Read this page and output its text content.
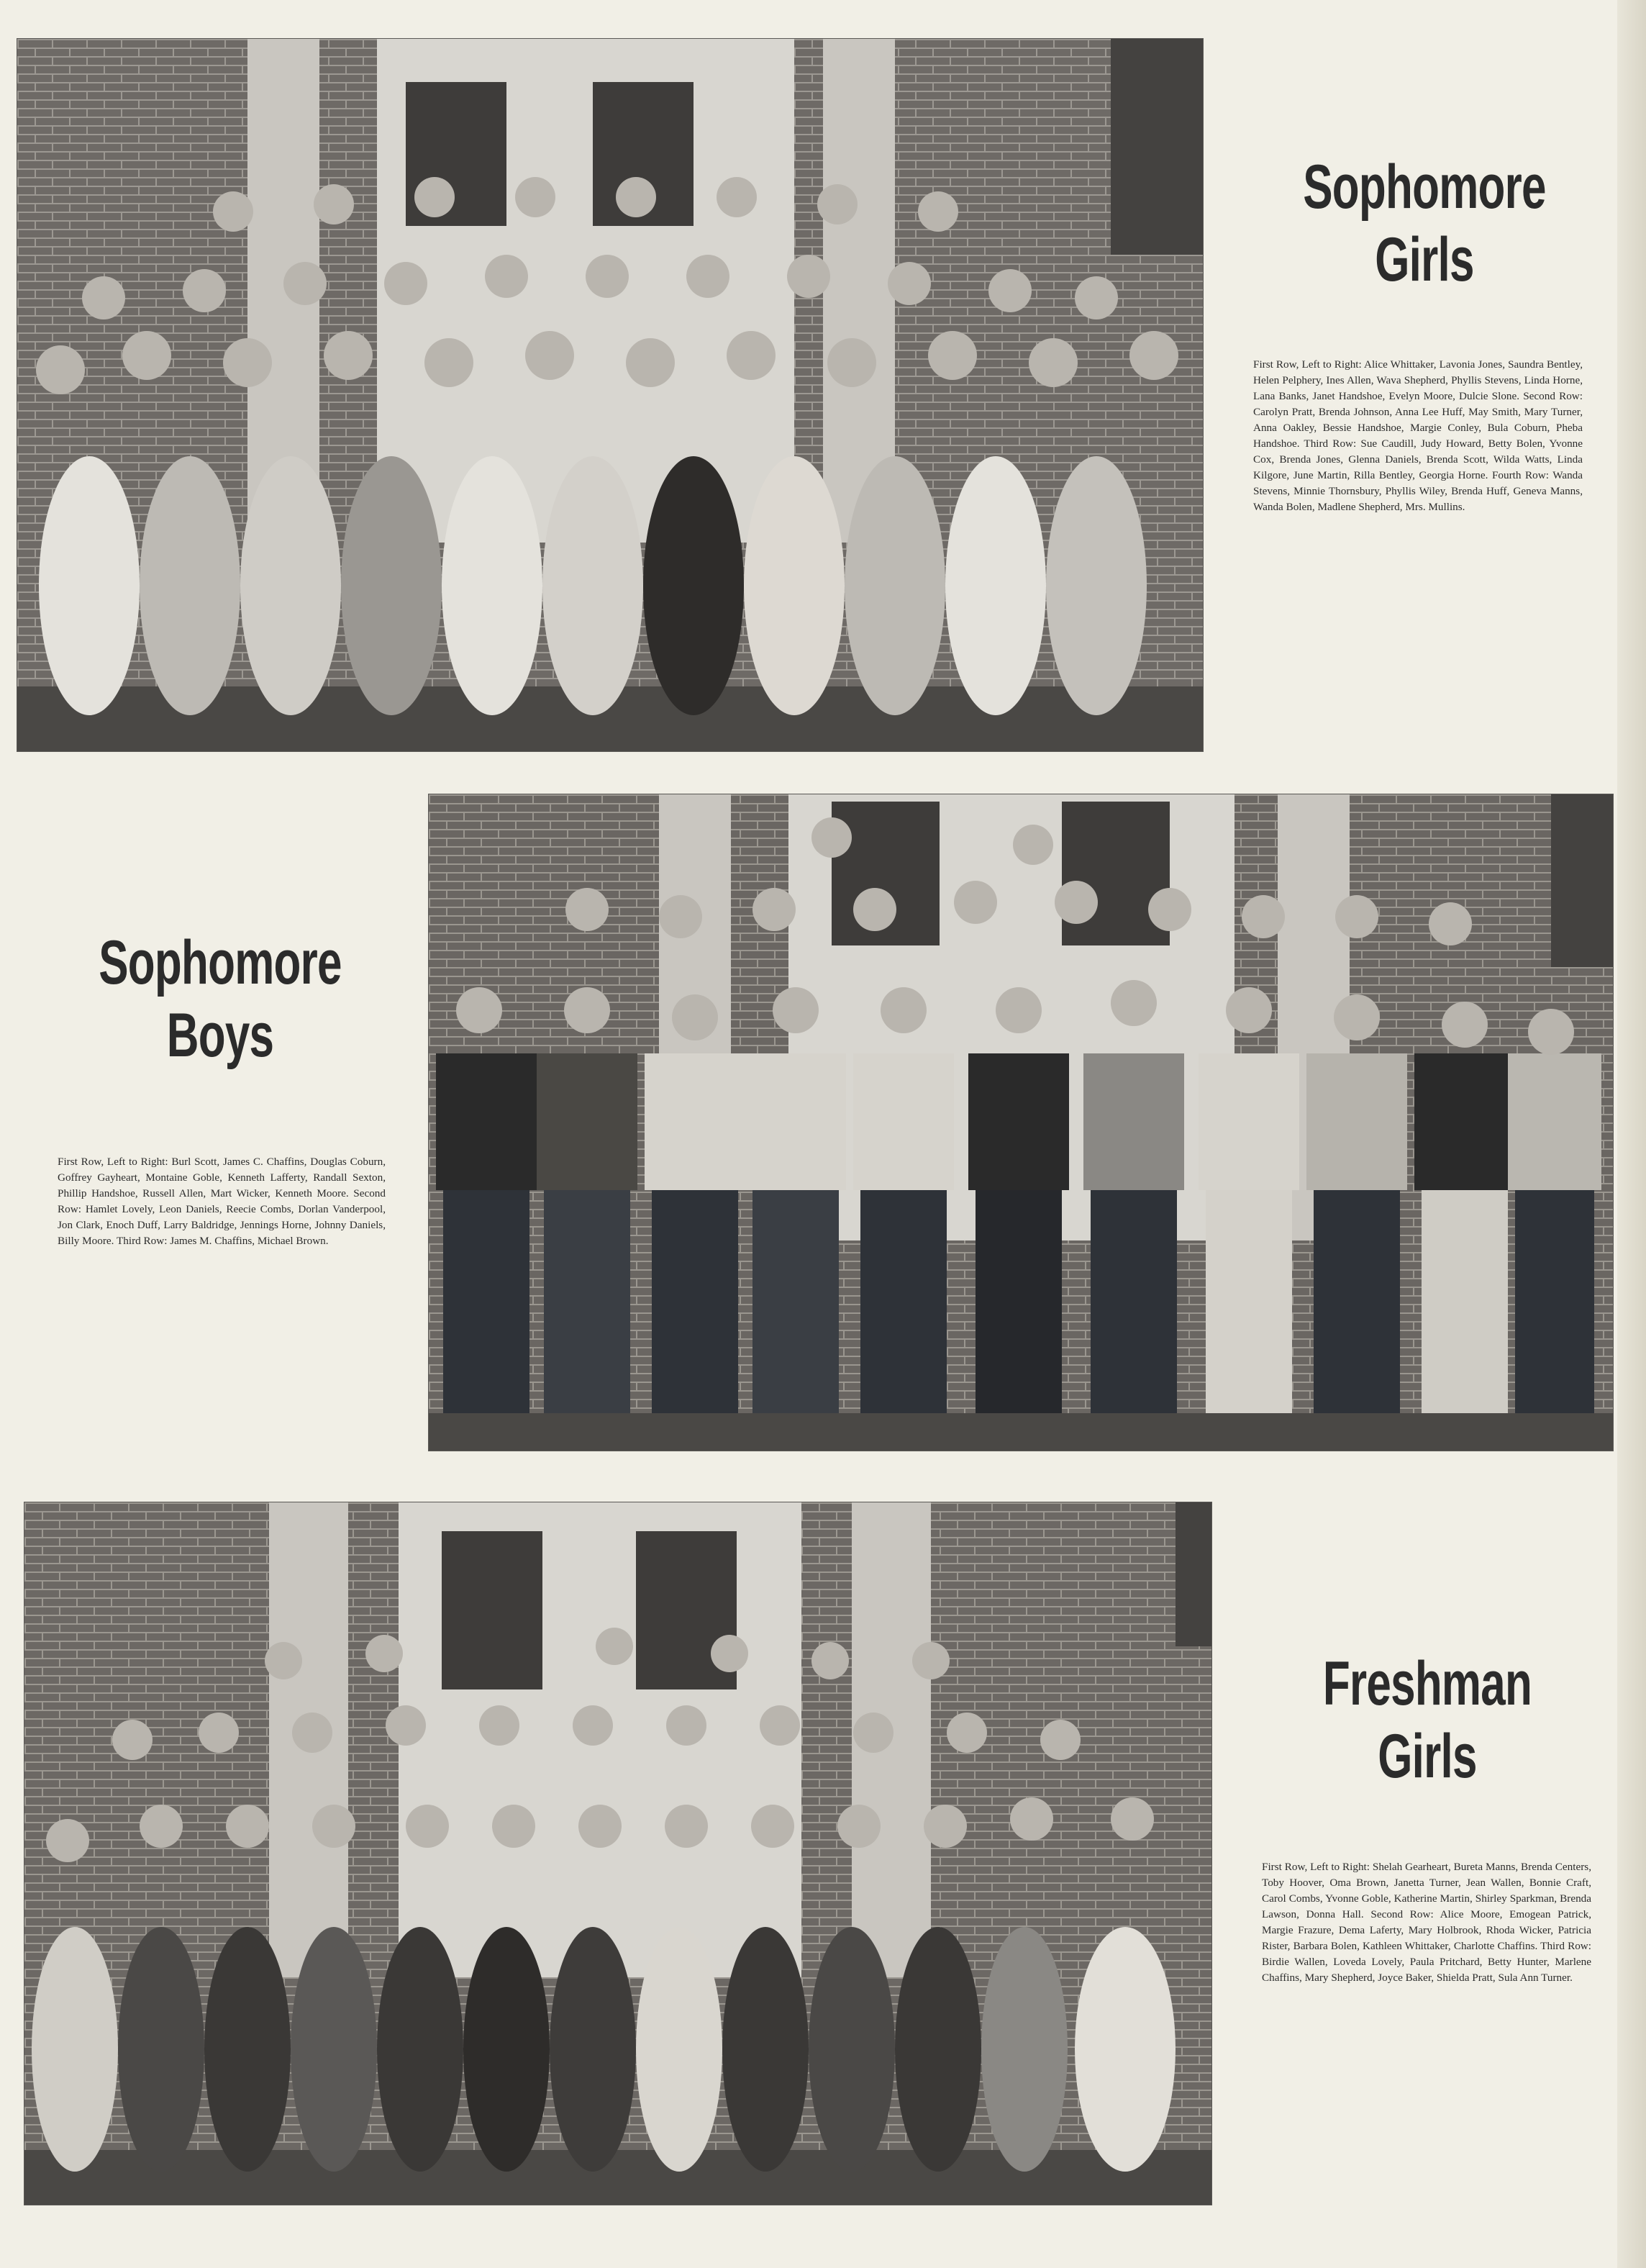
Sophomore
Girls
First Row, Left to Right: Alice Whittaker, Lavonia Jones, Saundra Bentley, Helen Pelphery, Ines Allen, Wava Shepherd, Phyllis Stevens, Linda Horne, Lana Banks, Janet Handshoe, Evelyn Moore, Dulcie Slone. Second Row: Carolyn Pratt, Brenda Johnson, Anna Lee Huff, May Smith, Mary Turner, Anna Oakley, Bessie Handshoe, Margie Conley, Bula Coburn, Pheba Handshoe. Third Row: Sue Caudill, Judy Howard, Betty Bolen, Yvonne Cox, Brenda Jones, Glenna Daniels, Brenda Scott, Wilda Watts, Linda Kilgore, June Martin, Rilla Bentley, Georgia Horne. Fourth Row: Wanda Stevens, Minnie Thornsbury, Phyllis Wiley, Brenda Huff, Geneva Manns, Wanda Bolen, Madlene Shepherd, Mrs. Mullins.
Sophomore
Boys
First Row, Left to Right: Burl Scott, James C. Chaffins, Douglas Coburn, Goffrey Gayheart, Montaine Goble, Kenneth Lafferty, Randall Sexton, Phillip Handshoe, Russell Allen, Mart Wicker, Kenneth Moore. Second Row: Hamlet Lovely, Leon Daniels, Reecie Combs, Dorlan Vanderpool, Jon Clark, Enoch Duff, Larry Baldridge, Jennings Horne, Johnny Daniels, Billy Moore. Third Row: James M. Chaffins, Michael Brown.
Freshman
Girls
First Row, Left to Right: Shelah Gearheart, Bureta Manns, Brenda Centers, Toby Hoover, Oma Brown, Janetta Turner, Jean Wallen, Bonnie Craft, Carol Combs, Yvonne Goble, Katherine Martin, Shirley Sparkman, Brenda Lawson, Donna Hall. Second Row: Alice Moore, Emogean Patrick, Margie Frazure, Dema Laferty, Mary Holbrook, Rhoda Wicker, Patricia Rister, Barbara Bolen, Kathleen Whittaker, Charlotte Chaffins. Third Row: Birdie Wallen, Loveda Lovely, Paula Pritchard, Betty Hunter, Marlene Chaffins, Mary Shepherd, Joyce Baker, Shielda Pratt, Sula Ann Turner.
